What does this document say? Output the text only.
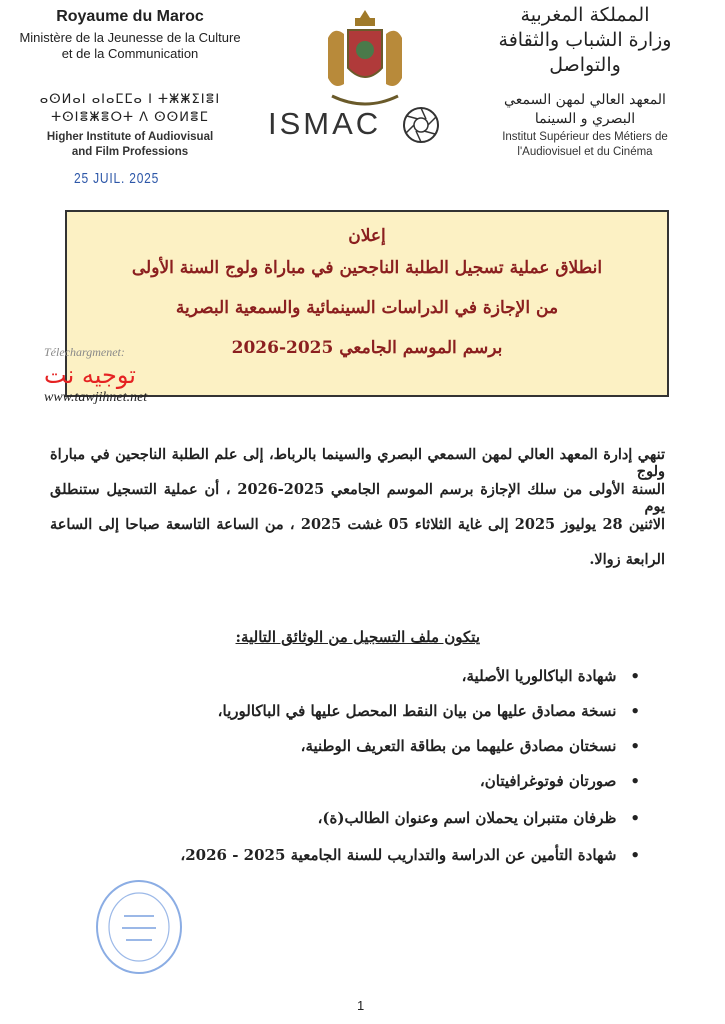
Royaume du Maroc
Ministère de la Jeunesse de la Culture
et de la Communication
ⴰⵙⵍⴰⵏ ⴰⵏⴰⵎⵎⴰ ⵏ ⵜⵥⵥⵉⵏⴻⵏ
ⵜⵙⵏⴻⵥⴻⵔⵜ ⴷ ⵙⵙⵍⴻⵎ
Higher Institute of Audiovisual
and Film Professions
25 JUIL. 2025
ISMAC
المملكة المغربية
وزارة الشباب والثقافة
والتواصل
المعهد العالي لمهن السمعي
البصري و السينما
Institut Supérieur des Métiers de
l'Audiovisuel et du Cinéma
إعلان
انطلاق عملية تسجيل الطلبة الناجحين في مباراة ولوج السنة الأولى
من الإجازة في الدراسات السينمائية والسمعية البصرية
برسم الموسم الجامعي 2025-2026
Télechargmenet:
توجيه نت
www.tawjihnet.net
تنهي إدارة المعهد العالي لمهن السمعي البصري والسينما بالرباط، إلى علم الطلبة الناجحين في مباراة ولوج
السنة الأولى من سلك الإجازة برسم الموسم الجامعي 2025-2026 ، أن عملية التسجيل ستنطلق يوم
الاثنين 28 يوليوز 2025 إلى غاية الثلاثاء 05 غشت 2025 ، من الساعة التاسعة صباحا إلى الساعة
الرابعة زوالا.
يتكون ملف التسجيل من الوثائق التالية:
• شهادة الباكالوريا الأصلية،
• نسخة مصادق عليها من بيان النقط المحصل عليها في الباكالوريا،
• نسختان مصادق عليهما من بطاقة التعريف الوطنية،
• صورتان فوتوغرافيتان،
• ظرفان متنبران يحملان اسم وعنوان الطالب(ة)،
• شهادة التأمين عن الدراسة والتداريب للسنة الجامعية 2025 - 2026،
1
